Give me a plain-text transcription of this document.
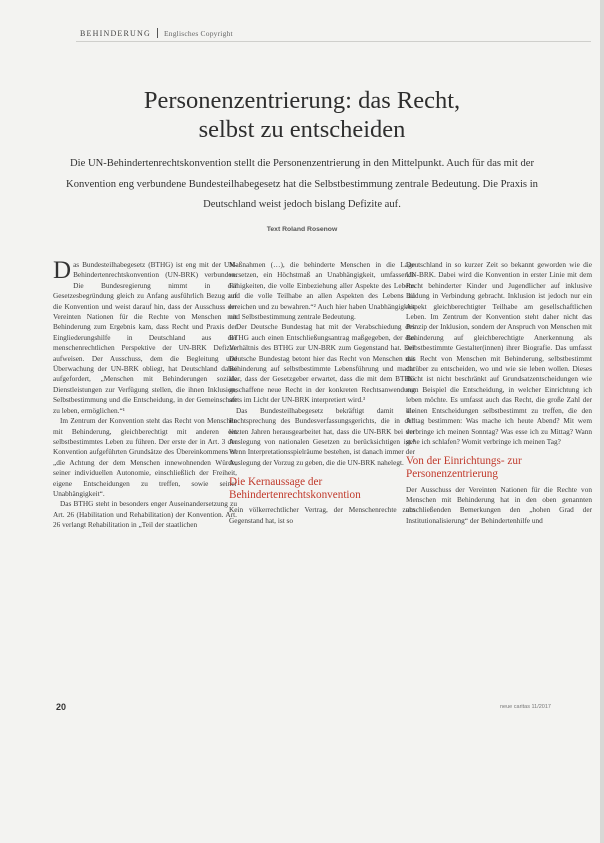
BEHINDERUNG Englisches Copyright
Personenzentrierung: das Recht,
selbst zu entscheiden

Die UN-Behindertenrechtskonvention stellt die Personenzentrierung in den Mittelpunkt. Auch für das mit der Konvention eng verbundene Bundesteilhabegesetz hat die Selbstbestimmung zentrale Bedeutung. Die Praxis in Deutschland weist jedoch bislang Defizite auf.

Text Roland Rosenow

Das Bundesteilhabegesetz (BTHG) ist eng mit der UN-Behindertenrechtskonvention (UN-BRK) verbunden. Die Bundesregierung nimmt in der Gesetzesbegründung gleich zu Anfang ausführlich Bezug auf die Konvention und weist darauf hin, dass der Ausschuss der Vereinten Nationen für die Rechte von Menschen mit Behinderung zum Ergebnis kam, dass Recht und Praxis der Eingliederungshilfe in Deutschland aus der menschenrechtlichen Perspektive der UN-BRK Defizite aufweisen. Der Ausschuss, dem die Begleitung und Überwachung der UN-BRK obliegt, hat Deutschland dabei aufgefordert, „Menschen mit Behinderungen soziale Dienstleistungen zur Verfügung stellen, die ihnen Inklusion, Selbstbestimmung und die Entscheidung, in der Gemeinschaft zu leben, ermöglichen.“¹

Im Zentrum der Konvention steht das Recht von Menschen mit Behinderung, gleichberechtigt mit anderen ein selbstbestimmtes Leben zu führen. Der erste der in Art. 3 der Konvention aufgeführten Grundsätze des Übereinkommens ist „die Achtung der dem Menschen innewohnenden Würde, seiner individuellen Autonomie, einschließlich der Freiheit, eigene Entscheidungen zu treffen, sowie seiner Unabhängigkeit“.

Das BTHG steht in besonders enger Auseinandersetzung zu Art. 26 (Habilitation und Rehabilitation) der Konvention. Art. 26 verlangt Rehabilitation in „Teil der staatlichen

Maßnahmen (…), die behinderte Menschen in die Lage versetzen, ein Höchstmaß an Unabhängigkeit, umfassende Fähigkeiten, die volle Einbeziehung aller Aspekte des Lebens und die volle Teilhabe an allen Aspekten des Lebens zu erreichen und zu bewahren.“² Auch hier haben Unabhängigkeit und Selbstbestimmung zentrale Bedeutung.

Der Deutsche Bundestag hat mit der Verabschiedung des BTHG auch einen Entschließungsantrag maßgegeben, der das Verhältnis des BTHG zur UN-BRK zum Gegenstand hat. Der Deutsche Bundestag betont hier das Recht von Menschen mit Behinderung auf selbstbestimmte Lebensführung und macht klar, dass der Gesetzgeber erwartet, dass die mit dem BTHG geschaffene neue Recht in der konkreten Rechtsanwendung stets im Licht der UN-BRK interpretiert wird.³

Das Bundesteilhabegesetz bekräftigt damit die Rechtsprechung des Bundesverfassungsgerichts, die in den letzten Jahren herausgearbeitet hat, dass die UN-BRK bei der Auslegung von nationalen Gesetzen zu berücksichtigen ist.⁴ Wenn Interpretationsspielräume bestehen, ist danach immer der Auslegung der Vorzug zu geben, die die UN-BRK nahelegt.

Die Kernaussage der Behindertenrechtskonvention

Kein völkerrechtlicher Vertrag, der Menschenrechte zum Gegenstand hat, ist so

Deutschland in so kurzer Zeit so bekannt geworden wie die UN-BRK. Dabei wird die Konvention in erster Linie mit dem Recht behinderter Kinder und Jugendlicher auf inklusive Bildung in Verbindung gebracht. Inklusion ist jedoch nur ein Aspekt gleichberechtigter Teilhabe am gesellschaftlichen Leben. Im Zentrum der Konvention steht daher nicht das Prinzip der Inklusion, sondern der Anspruch von Menschen mit Behinderung auf gleichberechtigte Anerkennung als selbstbestimmte Gestalter(innen) ihrer Biografie. Das umfasst das Recht von Menschen mit Behinderung, selbstbestimmt darüber zu entscheiden, wo und wie sie leben wollen. Dieses Recht ist nicht beschränkt auf Grundsatzentscheidungen wie zum Beispiel die Entscheidung, in welcher Einrichtung ich leben möchte. Es umfasst auch das Recht, die große Zahl der kleinen Entscheidungen selbstbestimmt zu treffen, die den Alltag bestimmen: Was mache ich heute Abend? Mit wem verbringe ich meinen Sonntag? Was esse ich zu Mittag? Wann gehe ich schlafen? Womit verbringe ich meinen Tag?

Von der Einrichtungs- zur Personenzentrierung

Der Ausschuss der Vereinten Nationen für die Rechte von Menschen mit Behinderung hat in den oben genannten abschließenden Bemerkungen den „hohen Grad der Institutionalisierung“ der Behindertenhilfe und

20	neue caritas 11/2017
